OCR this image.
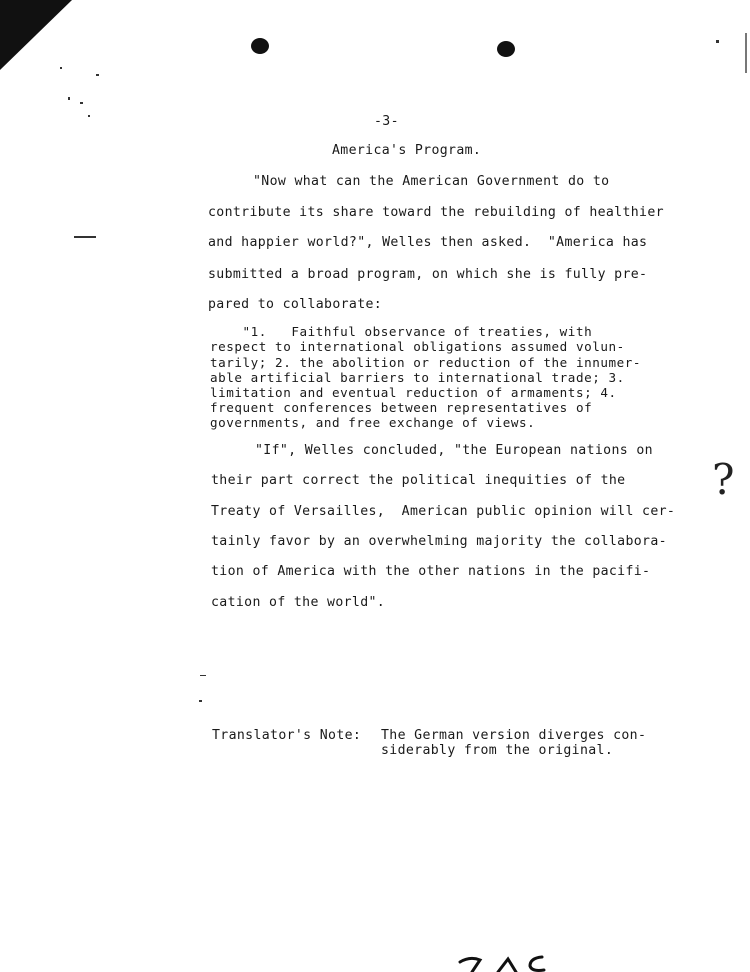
-3-
America's Program.
"Now what can the American Government do to
contribute its share toward the rebuilding of healthier
and happier world?", Welles then asked.  "America has
submitted a broad program, on which she is fully pre-
pared to collaborate:
"1.   Faithful observance of treaties, with
respect to international obligations assumed volun-
tarily; 2. the abolition or reduction of the innumer-
able artificial barriers to international trade; 3.
limitation and eventual reduction of armaments; 4.
frequent conferences between representatives of
governments, and free exchange of views.
"If", Welles concluded, "the European nations on
their part correct the political inequities of the
Treaty of Versailles,  American public opinion will cer-
tainly favor by an overwhelming majority the collabora-
tion of America with the other nations in the pacifi-
cation of the world".
Translator's Note: The German version diverges con-
siderably from the original.
?
